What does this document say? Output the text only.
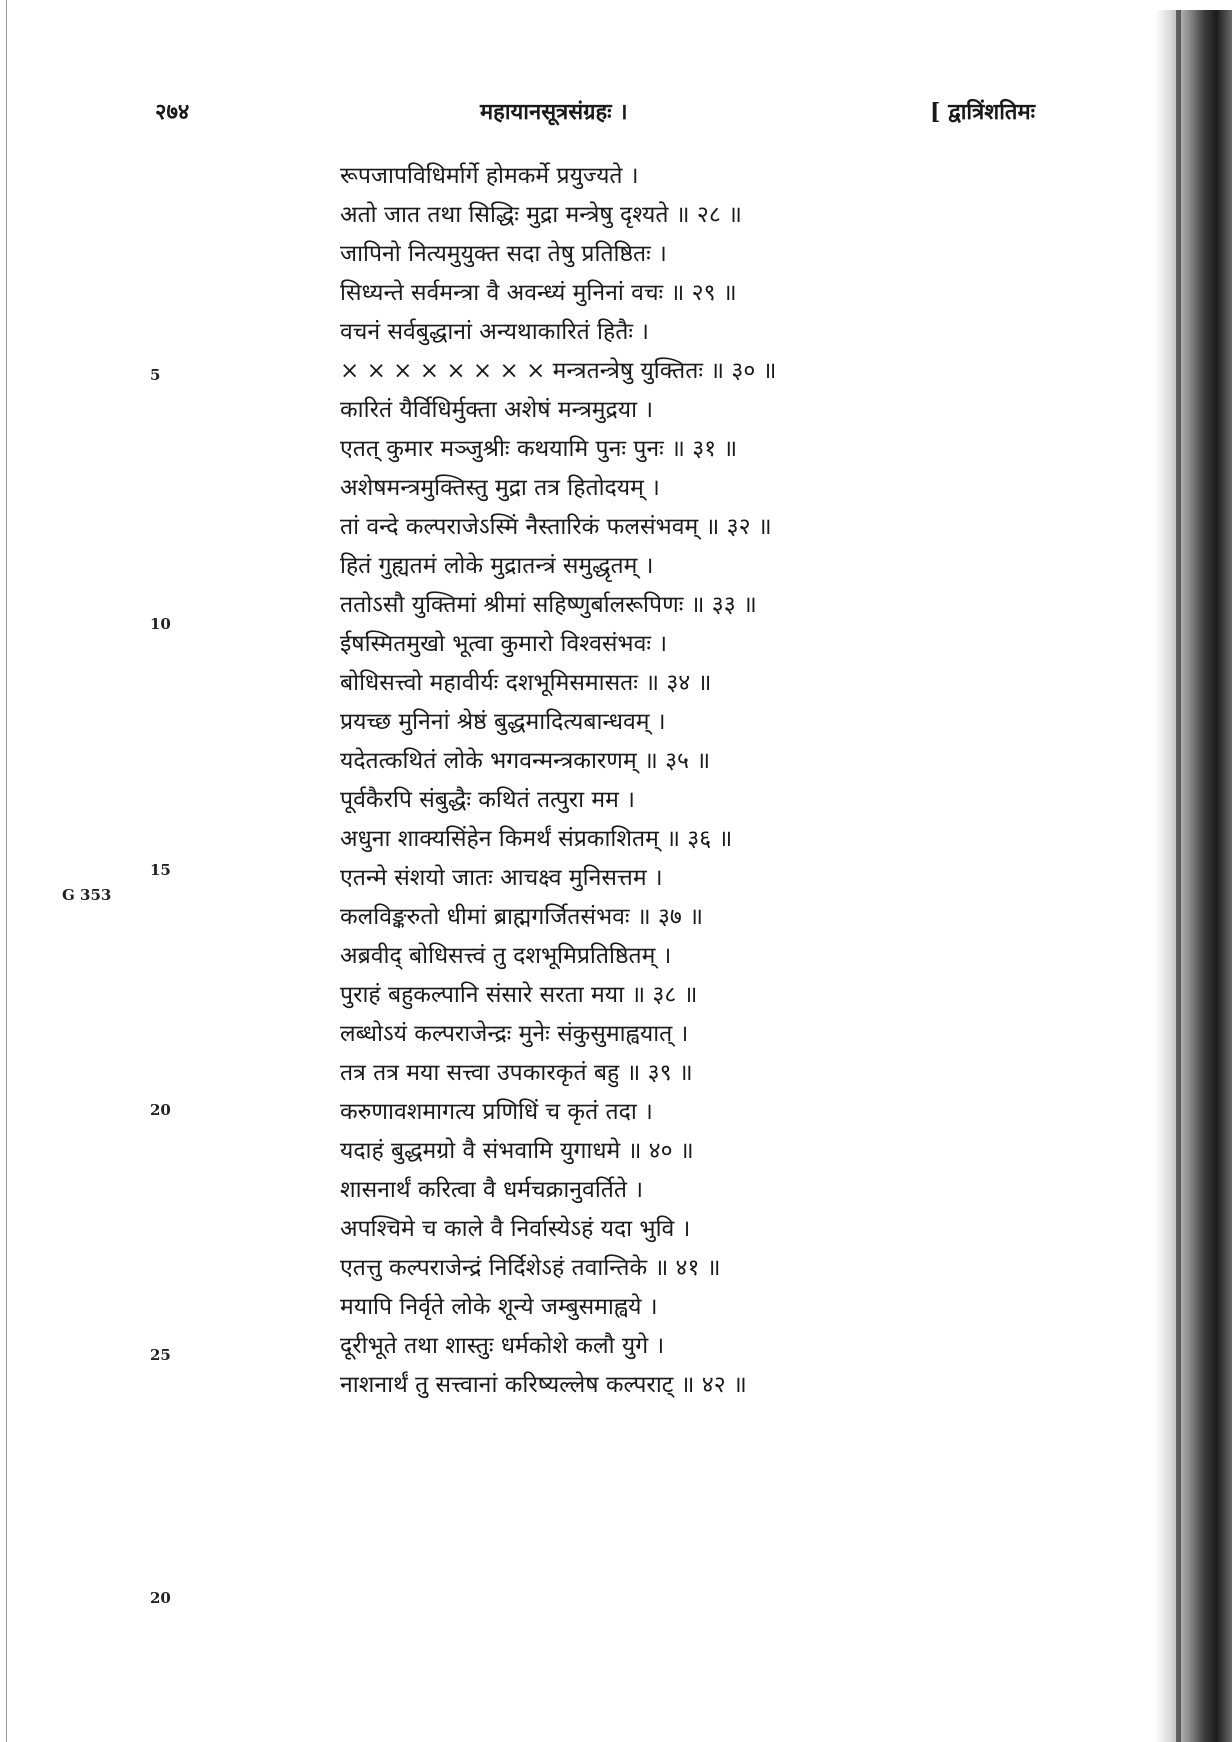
२७४	महायानसूत्रसंग्रहः ।	[ द्वात्रिंशतिमः
रूपजापविधिर्मार्गे होमकर्मे प्रयुज्यते ।
अतो जात तथा सिद्धिः मुद्रा मन्त्रेषु दृश्यते ॥ २८ ॥
जापिनो नित्यमुयुक्त सदा तेषु प्रतिष्ठितः ।
सिध्यन्ते सर्वमन्त्रा वै अवन्ध्यं मुनिनां वचः ॥ २९ ॥
वचनं सर्वबुद्धानां अन्यथाकारितं हितैः ।
× × × × × × × × मन्त्रतन्त्रेषु युक्तितः ॥ ३० ॥
कारितं यैर्विधिर्मुक्ता अशेषं मन्त्रमुद्रया ।
एतत् कुमार मञ्जुश्रीः कथयामि पुनः पुनः ॥ ३१ ॥
अशेषमन्त्रमुक्तिस्तु मुद्रा तत्र हितोदयम् ।
तां वन्दे कल्पराजेऽस्मिं नैस्तारिकं फलसंभवम् ॥ ३२ ॥
हितं गुह्यतमं लोके मुद्रातन्त्रं समुद्धृतम् ।
ततोऽसौ युक्तिमां श्रीमां सहिष्णुर्बालरूपिणः ॥ ३३ ॥
ईषस्मितमुखो भूत्वा कुमारो विश्वसंभवः ।
बोधिसत्त्वो महावीर्यः दशभूमिसमासतः ॥ ३४ ॥
प्रयच्छ मुनिनां श्रेष्ठं बुद्धमादित्यबान्धवम् ।
यदेतत्कथितं लोके भगवन्मन्त्रकारणम् ॥ ३५ ॥
पूर्वकैरपि संबुद्धैः कथितं तत्पुरा मम ।
अधुना शाक्यसिंहेन किमर्थं संप्रकाशितम् ॥ ३६ ॥
एतन्मे संशयो जातः आचक्ष्व मुनिसत्तम ।
कलविङ्करुतो धीमां ब्राह्मगर्जितसंभवः ॥ ३७ ॥
अब्रवीद् बोधिसत्त्वं तु दशभूमिप्रतिष्ठितम् ।
पुराहं बहुकल्पानि संसारे सरता मया ॥ ३८ ॥
लब्धोऽयं कल्पराजेन्द्रः मुनेः संकुसुमाह्वयात् ।
तत्र तत्र मया सत्त्वा उपकारकृतं बहु ॥ ३९ ॥
करुणावशमागत्य प्रणिधिं च कृतं तदा ।
यदाहं बुद्धमग्रो वै संभवामि युगाधमे ॥ ४० ॥
शासनार्थं करित्वा वै धर्मचक्रानुवर्तिते ।
अपश्चिमे च काले वै निर्वास्येऽहं यदा भुवि ।
एतत्तु कल्पराजेन्द्रं निर्दिशेऽहं तवान्तिके ॥ ४१ ॥
मयापि निर्वृते लोके शून्ये जम्बुसमाह्वये ।
दूरीभूते तथा शास्तुः धर्मकोशे कलौ युगे ।
नाशनार्थं तु सत्त्वानां करिष्यल्लेष कल्पराट् ॥ ४२ ॥
5
10
15
G 353
20
25
20
